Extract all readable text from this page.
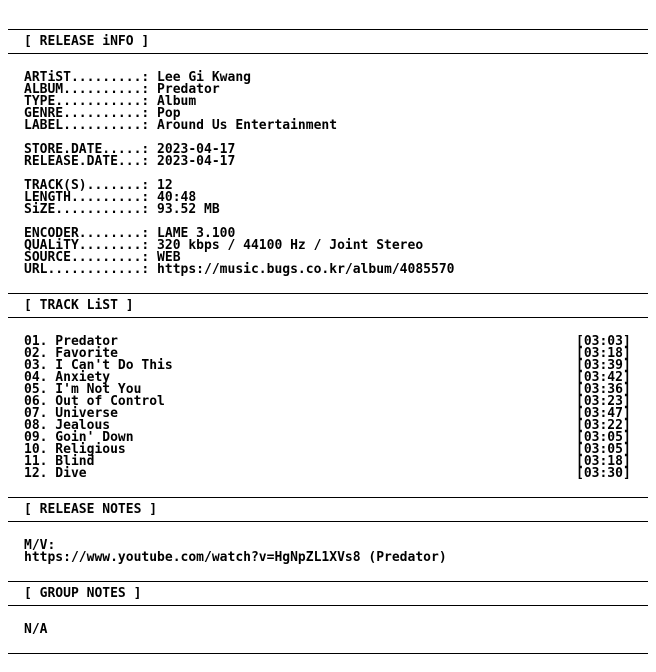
[ RELEASE iNFO ]
ARTiST.........: Lee Gi Kwang
ALBUM..........: Predator
TYPE...........: Album
GENRE..........: Pop
LABEL..........: Around Us Entertainment
STORE.DATE.....: 2023-04-17
RELEASE.DATE...: 2023-04-17
TRACK(S).......: 12
LENGTH.........: 40:48
SiZE...........: 93.52 MB
ENCODER........: LAME 3.100
QUALiTY........: 320 kbps / 44100 Hz / Joint Stereo
SOURCE.........: WEB
URL............: https://music.bugs.co.kr/album/4085570
[ TRACK LiST ]
01. Predator	[03:03]
02. Favorite	[03:18]
03. I Can't Do This	[03:39]
04. Anxiety	[03:42]
05. I'm Not You	[03:36]
06. Out of Control	[03:23]
07. Universe	[03:47]
08. Jealous	[03:22]
09. Goin' Down	[03:05]
10. Religious	[03:05]
11. Blind	[03:18]
12. Dive	[03:30]
[ RELEASE NOTES ]
M/V:
https://www.youtube.com/watch?v=HgNpZL1XVs8 (Predator)
[ GROUP NOTES ]
N/A
